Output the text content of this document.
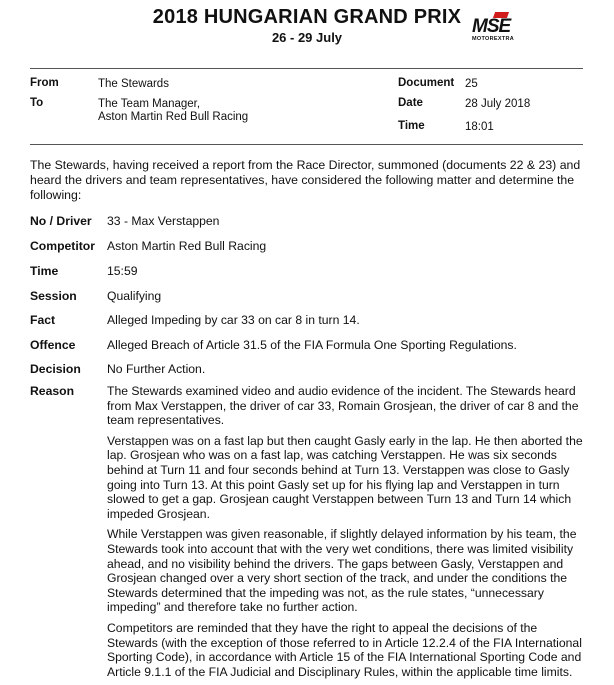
2018 HUNGARIAN GRAND PRIX
26 - 29 July
MSE
MOTOREXTRA
From	The Stewards
To	The Team Manager,
Aston Martin Red Bull Racing
Document 25
Date	28 July 2018
Time	18:01
The Stewards, having received a report from the Race Director, summoned (documents 22 & 23) and heard the drivers and team representatives, have considered the following matter and determine the following:
No / Driver 33 - Max Verstappen
Competitor Aston Martin Red Bull Racing
Time	15:59
Session Qualifying
Fact	Alleged Impeding by car 33 on car 8 in turn 14.
Offence	Alleged Breach of Article 31.5 of the FIA Formula One Sporting Regulations.
Decision No Further Action.
Reason	The Stewards examined video and audio evidence of the incident. The Stewards heard from Max Verstappen, the driver of car 33, Romain Grosjean, the driver of car 8 and the team representatives.

Verstappen was on a fast lap but then caught Gasly early in the lap. He then aborted the lap. Grosjean who was on a fast lap, was catching Verstappen. He was six seconds behind at Turn 11 and four seconds behind at Turn 13. Verstappen was close to Gasly going into Turn 13. At this point Gasly set up for his flying lap and Verstappen in turn slowed to get a gap. Grosjean caught Verstappen between Turn 13 and Turn 14 which impeded Grosjean.

While Verstappen was given reasonable, if slightly delayed information by his team, the Stewards took into account that with the very wet conditions, there was limited visibility ahead, and no visibility behind the drivers. The gaps between Gasly, Verstappen and Grosjean changed over a very short section of the track, and under the conditions the Stewards determined that the impeding was not, as the rule states, “unnecessary impeding” and therefore take no further action.

Competitors are reminded that they have the right to appeal the decisions of the Stewards (with the exception of those referred to in Article 12.2.4 of the FIA International Sporting Code), in accordance with Article 15 of the FIA International Sporting Code and Article 9.1.1 of the FIA Judicial and Disciplinary Rules, within the applicable time limits.
